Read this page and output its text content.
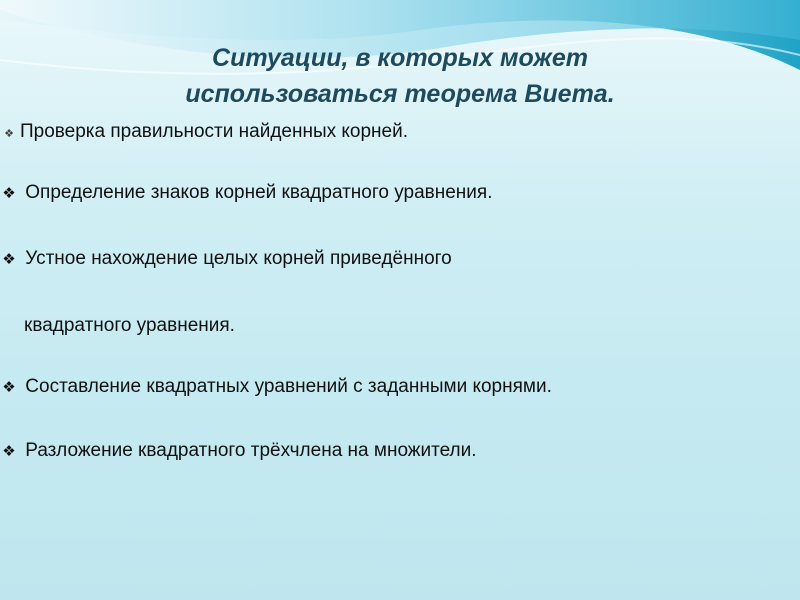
Ситуации, в которых может
использоваться теорема Виета.
❖ Проверка правильности найденных корней.
❖ Определение знаков корней квадратного уравнения.
❖ Устное нахождение целых корней приведённого
квадратного уравнения.
❖ Составление квадратных уравнений с заданными корнями.
❖ Разложение квадратного трёхчлена на множители.
